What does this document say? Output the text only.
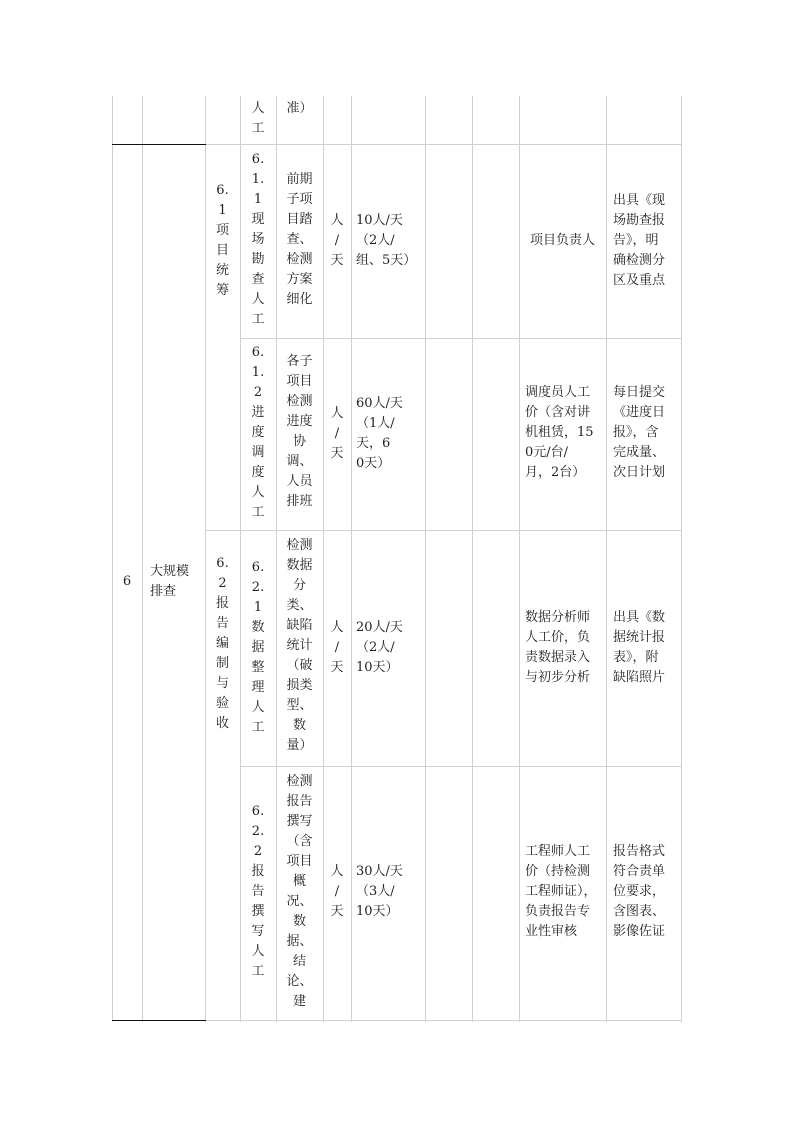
人
工
准）
6
大规模
排查
6.
1
项
目
统
筹
6.
2
报
告
编
制
与
验
收
6.
1.
1
现
场
勘
查
人
工
前期
子项
目踏
查、
检测
方案
细化
人
/
天
10人/天
（2人/
组、5天）
项目负责人
出具《现
场勘查报
告》，明
确检测分
区及重点
6.
1.
2
进
度
调
度
人
工
各子
项目
检测
进度
协
调、
人员
排班
人
/
天
60人/天
（1人/
天，6
0天）
调度员人工
价（含对讲
机租赁，15
0元/台/
月，2台）
每日提交
《进度日
报》，含
完成量、
次日计划
6.
2.
1
数
据
整
理
人
工
检测
数据
分
类、
缺陷
统计
（破
损类
型、
数
量）
人
/
天
20人/天
（2人/
10天）
数据分析师
人工价，负
责数据录入
与初步分析
出具《数
据统计报
表》，附
缺陷照片
6.
2.
2
报
告
撰
写
人
工
检测
报告
撰写
（含
项目
概
况、
数
据、
结
论、
建
人
/
天
30人/天
（3人/
10天）
工程师人工
价（持检测
工程师证），
负责报告专
业性审核
报告格式
符合责单
位要求，
含图表、
影像佐证
